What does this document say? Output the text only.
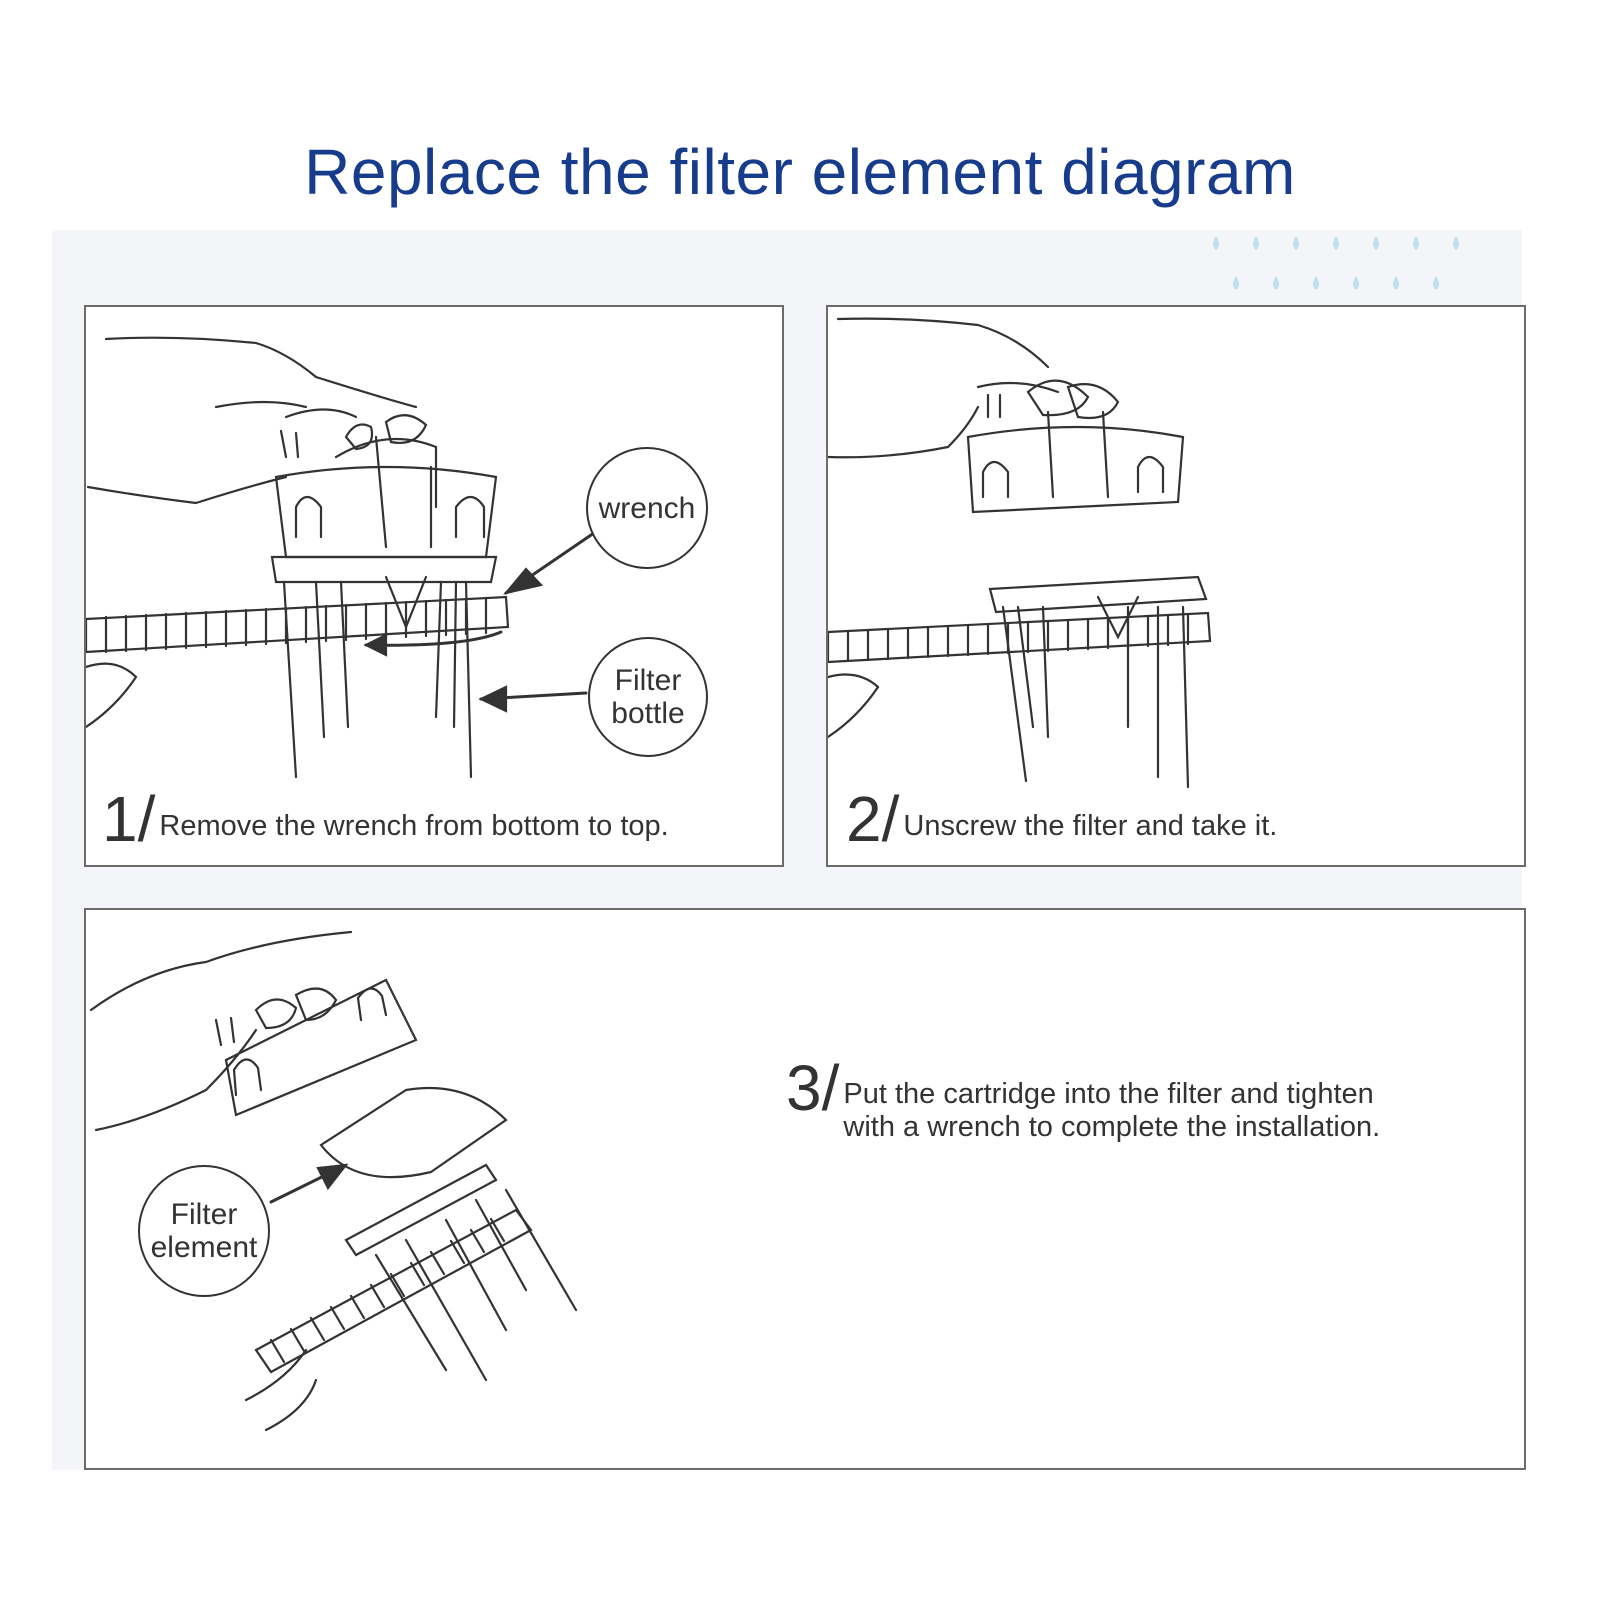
Replace the filter element diagram
wrench
Filter bottle
1 / Remove the wrench from bottom to top.	2 / Unscrew the filter and take it.
Filter element
3 / Put the cartridge into the filter and tighten with a wrench to complete the installation.
